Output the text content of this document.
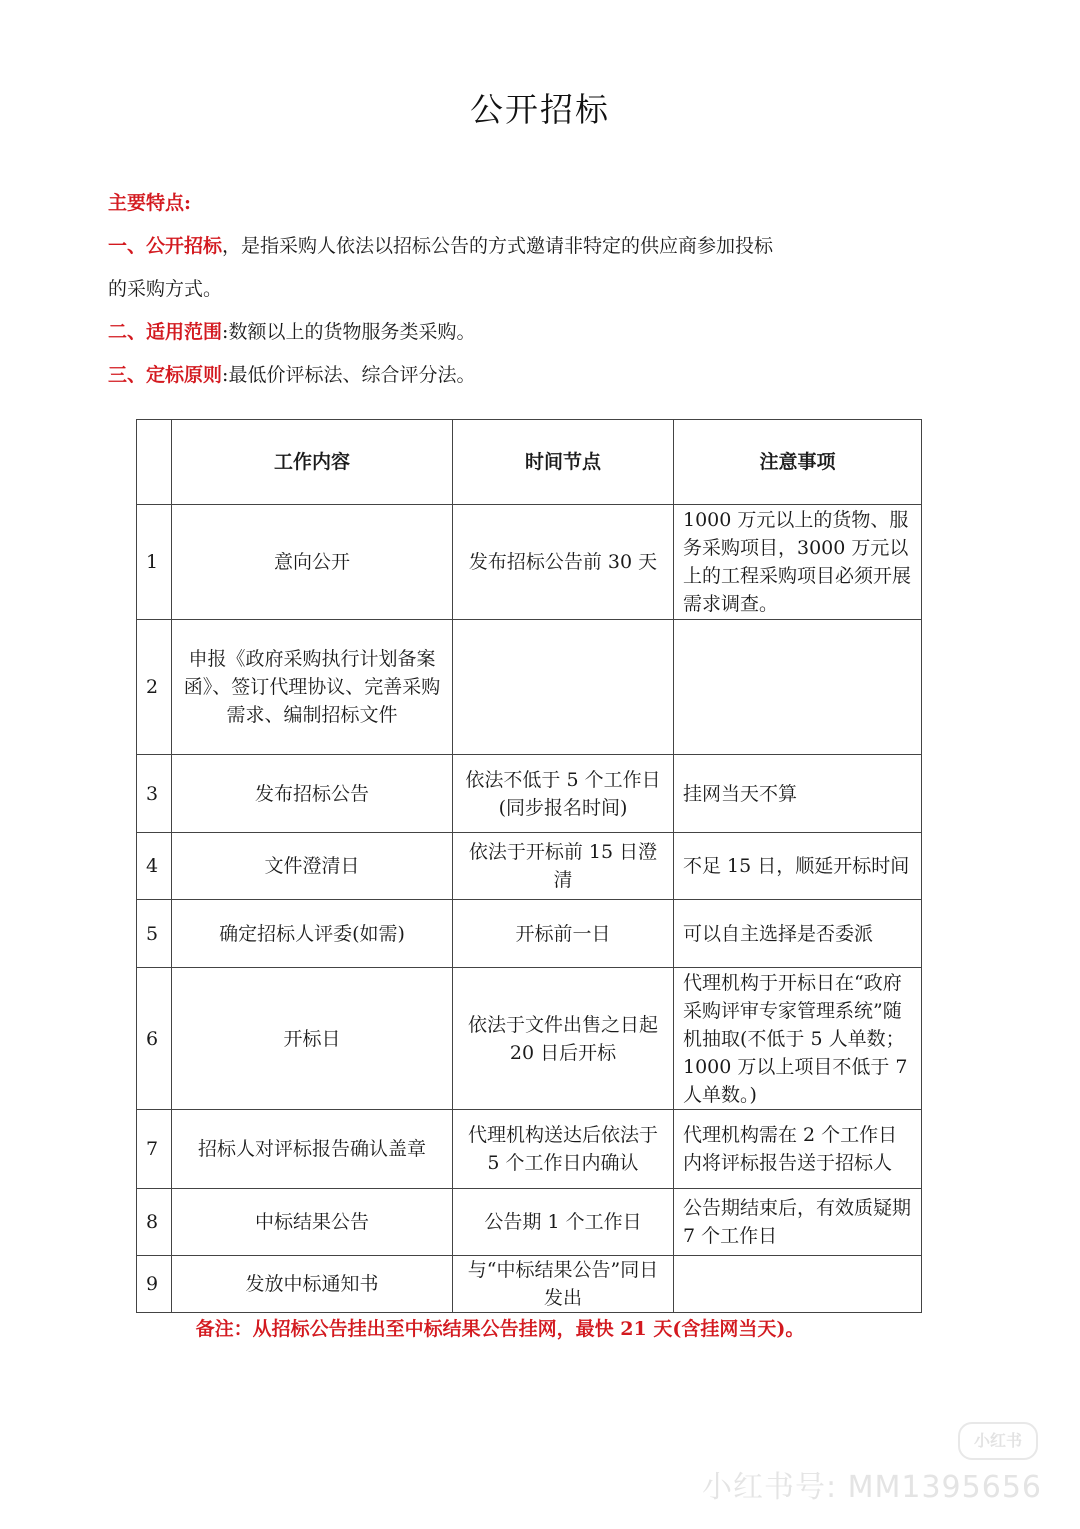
公开招标

主要特点:

一、公开招标，是指采购人依法以招标公告的方式邀请非特定的供应商参加投标

的采购方式。

二、适用范围:数额以上的货物服务类采购。

三、定标原则:最低价评标法、综合评分法。

	工作内容	时间节点	注意事项
1	意向公开	发布招标公告前 30 天	1000 万元以上的货物、服务采购项目，3000 万元以上的工程采购项目必须开展需求调查。
2	申报《政府采购执行计划备案函》、签订代理协议、完善采购
需求、编制招标文件		
3	发布招标公告	依法不低于 5 个工作日
(同步报名时间)	挂网当天不算
4	文件澄清日	依法于开标前 15 日澄清	不足 15 日，顺延开标时间
5	确定招标人评委(如需)	开标前一日	可以自主选择是否委派
6	开标日	依法于文件出售之日起
20 日后开标	代理机构于开标日在“政府采购评审专家管理系统”随机抽取(不低于 5 人单数；1000 万以上项目不低于 7 人单数。)
7	招标人对评标报告确认盖章	代理机构送达后依法于
5 个工作日内确认	代理机构需在 2 个工作日内将评标报告送于招标人
8	中标结果公告	公告期 1 个工作日	公告期结束后，有效质疑期 7 个工作日
9	发放中标通知书	与“中标结果公告”同日发出	
备注：从招标公告挂出至中标结果公告挂网，最快 21 天(含挂网当天)。
小红书
小红书号: MM1395656
